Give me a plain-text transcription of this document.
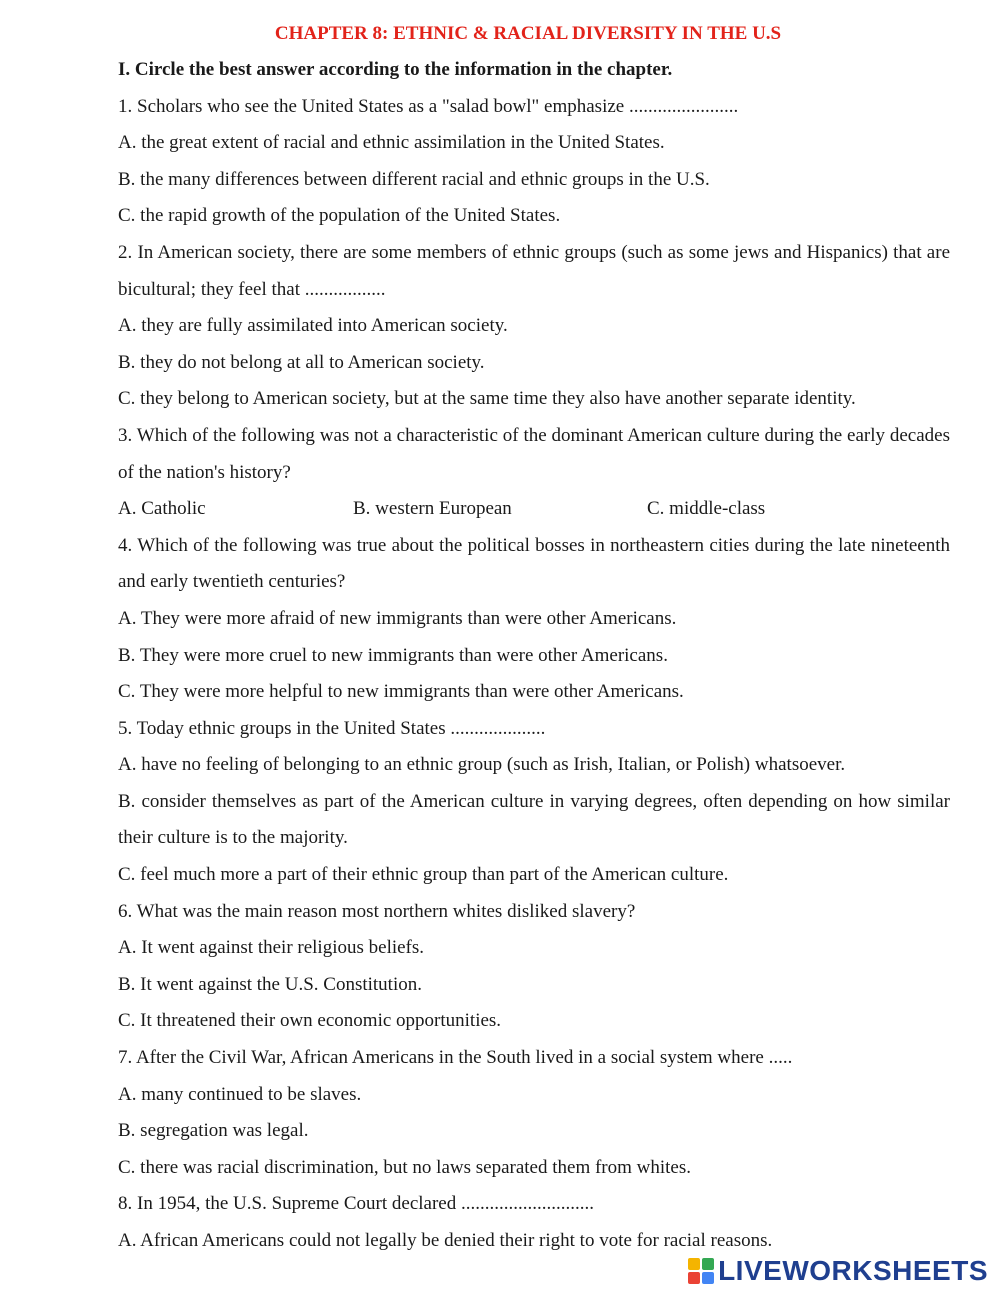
CHAPTER 8: ETHNIC & RACIAL DIVERSITY IN THE U.S

I. Circle the best answer according to the information in the chapter.

1. Scholars who see the United States as a "salad bowl" emphasize .......................

A. the great extent of racial and ethnic assimilation in the United States.

B. the many differences between different racial and ethnic groups in the U.S.

C. the rapid growth of the population of the United States.

2. In American society, there are some members of ethnic groups (such as some jews and Hispanics) that are bicultural; they feel that .................

A. they are fully assimilated into American society.

B. they do not belong at all to American society.

C. they belong to American society, but at the same time they also have another separate identity.

3. Which of the following was not a characteristic of the dominant American culture during the early decades of the nation's history?

A. Catholic	B. western European	C. middle-class

4. Which of the following was true about the political bosses in northeastern cities during the late nineteenth and early twentieth centuries?

A. They were more afraid of new immigrants than were other Americans.

B. They were more cruel to new immigrants than were other Americans.

C. They were more helpful to new immigrants than were other Americans.

5. Today ethnic groups in the United States ....................

A. have no feeling of belonging to an ethnic group (such as Irish, Italian, or Polish) whatsoever.

B. consider themselves as part of the American culture in varying degrees, often depending on how similar their culture is to the majority.

C. feel much more a part of their ethnic group than part of the American culture.

6. What was the main reason most northern whites disliked slavery?

A. It went against their religious beliefs.

B. It went against the U.S. Constitution.

C. It threatened their own economic opportunities.

7. After the Civil War, African Americans in the South lived in a social system where .....

A. many continued to be slaves.

B. segregation was legal.

C. there was racial discrimination, but no laws separated them from whites.

8. In 1954, the U.S. Supreme Court declared ............................

A. African Americans could not legally be denied their right to vote for racial reasons.

LIVEWORKSHEETS
